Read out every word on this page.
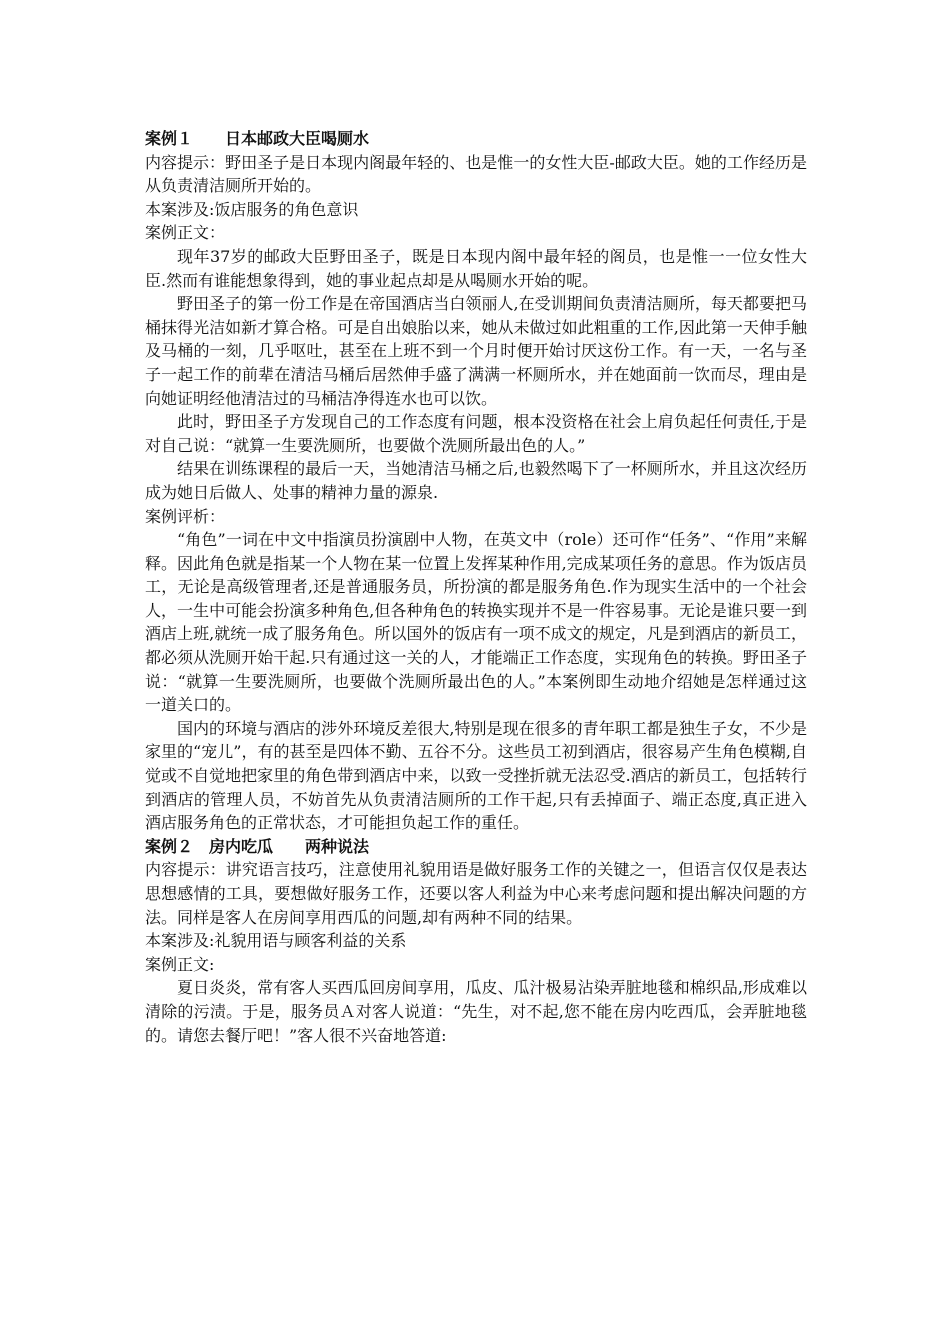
案例１　　日本邮政大臣喝厕水

内容提示：野田圣子是日本现内阁最年轻的、也是惟一的女性大臣-邮政大臣。她的工作经历是从负责清洁厕所开始的。

本案涉及:饭店服务的角色意识

案例正文：

现年37岁的邮政大臣野田圣子，既是日本现内阁中最年轻的阁员，也是惟一一位女性大臣.然而有谁能想象得到，她的事业起点却是从喝厕水开始的呢。

野田圣子的第一份工作是在帝国酒店当白领丽人,在受训期间负责清洁厕所，每天都要把马桶抹得光洁如新才算合格。可是自出娘胎以来，她从未做过如此粗重的工作,因此第一天伸手触及马桶的一刻，几乎呕吐，甚至在上班不到一个月时便开始讨厌这份工作。有一天，一名与圣子一起工作的前辈在清洁马桶后居然伸手盛了满满一杯厕所水，并在她面前一饮而尽，理由是向她证明经他清洁过的马桶洁净得连水也可以饮。

此时，野田圣子方发现自己的工作态度有问题，根本没资格在社会上肩负起任何责任,于是对自己说：“就算一生要洗厕所，也要做个洗厕所最出色的人。”

结果在训练课程的最后一天，当她清洁马桶之后,也毅然喝下了一杯厕所水，并且这次经历成为她日后做人、处事的精神力量的源泉.

案例评析：

“角色”一词在中文中指演员扮演剧中人物，在英文中（role）还可作“任务”、“作用”来解释。因此角色就是指某一个人物在某一位置上发挥某种作用,完成某项任务的意思。作为饭店员工，无论是高级管理者,还是普通服务员，所扮演的都是服务角色.作为现实生活中的一个社会人，一生中可能会扮演多种角色,但各种角色的转换实现并不是一件容易事。无论是谁只要一到酒店上班,就统一成了服务角色。所以国外的饭店有一项不成文的规定，凡是到酒店的新员工，都必须从洗厕开始干起.只有通过这一关的人，才能端正工作态度，实现角色的转换。野田圣子说：“就算一生要洗厕所，也要做个洗厕所最出色的人。”本案例即生动地介绍她是怎样通过这一道关口的。

国内的环境与酒店的涉外环境反差很大,特别是现在很多的青年职工都是独生子女，不少是家里的“宠儿”，有的甚至是四体不勤、五谷不分。这些员工初到酒店，很容易产生角色模糊,自觉或不自觉地把家里的角色带到酒店中来，以致一受挫折就无法忍受.酒店的新员工，包括转行到酒店的管理人员，不妨首先从负责清洁厕所的工作干起,只有丢掉面子、端正态度,真正进入酒店服务角色的正常状态，才可能担负起工作的重任。

案例２　房内吃瓜　　两种说法

内容提示：讲究语言技巧，注意使用礼貌用语是做好服务工作的关键之一，但语言仅仅是表达思想感情的工具，要想做好服务工作，还要以客人利益为中心来考虑问题和提出解决问题的方法。同样是客人在房间享用西瓜的问题,却有两种不同的结果。

本案涉及:礼貌用语与顾客利益的关系

案例正文:

夏日炎炎，常有客人买西瓜回房间享用，瓜皮、瓜汁极易沾染弄脏地毯和棉织品,形成难以清除的污渍。于是，服务员Ａ对客人说道：“先生，对不起,您不能在房内吃西瓜，会弄脏地毯的。请您去餐厅吧！”客人很不兴奋地答道:
